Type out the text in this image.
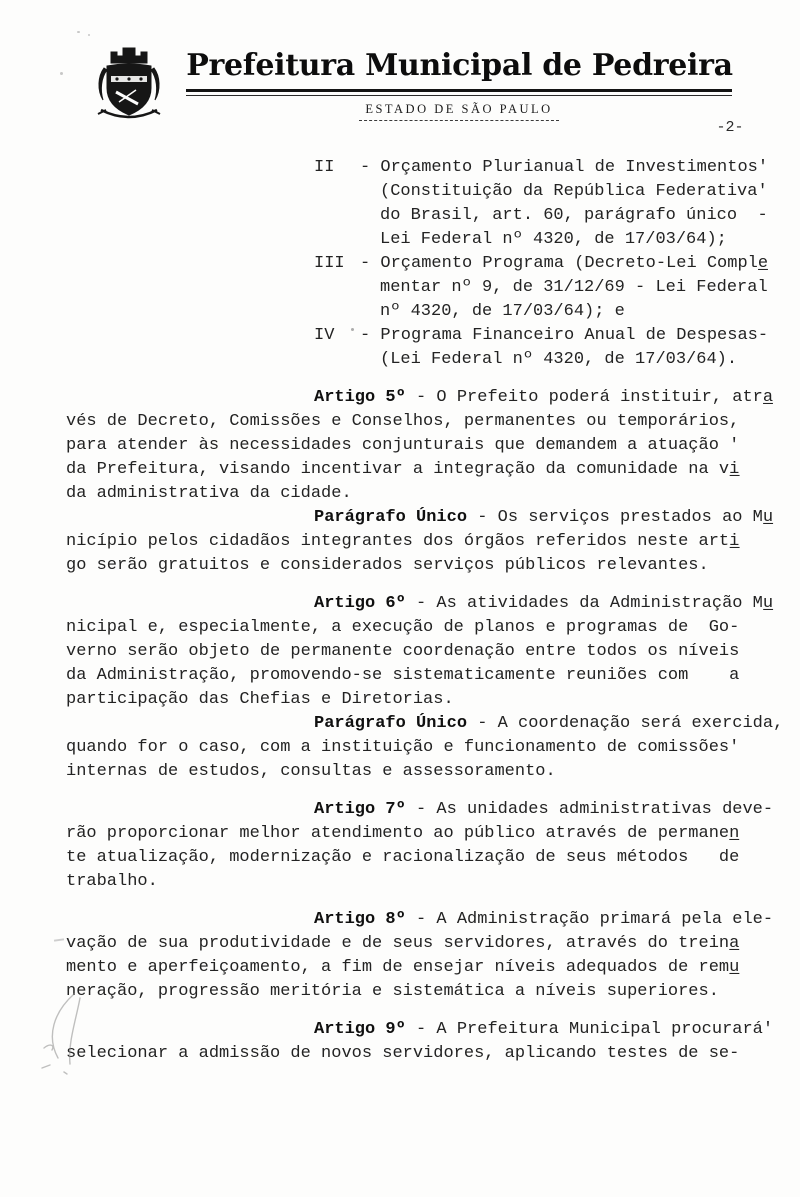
Prefeitura Municipal de Pedreira
ESTADO DE SÃO PAULO
-2-
II	- Orçamento Plurianual de Investimentos'
(Constituição da República Federativa'
do Brasil, art. 60, parágrafo único  -
Lei Federal nº 4320, de 17/03/64);
III - Orçamento Programa (Decreto-Lei Comple̲
mentar nº 9, de 31/12/69 - Lei Federal
nº 4320, de 17/03/64); e
IV	- Programa Financeiro Anual de Despesas-
(Lei Federal nº 4320, de 17/03/64).
Artigo 5º - O Prefeito poderá instituir, atra̲
vés de Decreto, Comissões e Conselhos, permanentes ou temporários,
para atender às necessidades conjunturais que demandem a atuação '
da Prefeitura, visando incentivar a integração da comunidade na vi̲
da administrativa da cidade.
Parágrafo Único - Os serviços prestados ao Mu̲
nicípio pelos cidadãos integrantes dos órgãos referidos neste arti̲
go serão gratuitos e considerados serviços públicos relevantes.
Artigo 6º - As atividades da Administração Mu̲
nicipal e, especialmente, a execução de planos e programas de  Go-
verno serão objeto de permanente coordenação entre todos os níveis
da Administração, promovendo-se sistematicamente reuniões com    a
participação das Chefias e Diretorias.
Parágrafo Único - A coordenação será exercida,
quando for o caso, com a instituição e funcionamento de comissões'
internas de estudos, consultas e assessoramento.
Artigo 7º - As unidades administrativas deve-
rão proporcionar melhor atendimento ao público através de permanen̲
te atualização, modernização e racionalização de seus métodos   de
trabalho.
Artigo 8º - A Administração primará pela ele-
vação de sua produtividade e de seus servidores, através do treina̲
mento e aperfeiçoamento, a fim de ensejar níveis adequados de remu̲
neração, progressão meritória e sistemática a níveis superiores.
Artigo 9º - A Prefeitura Municipal procurará'
selecionar a admissão de novos servidores, aplicando testes de se-
